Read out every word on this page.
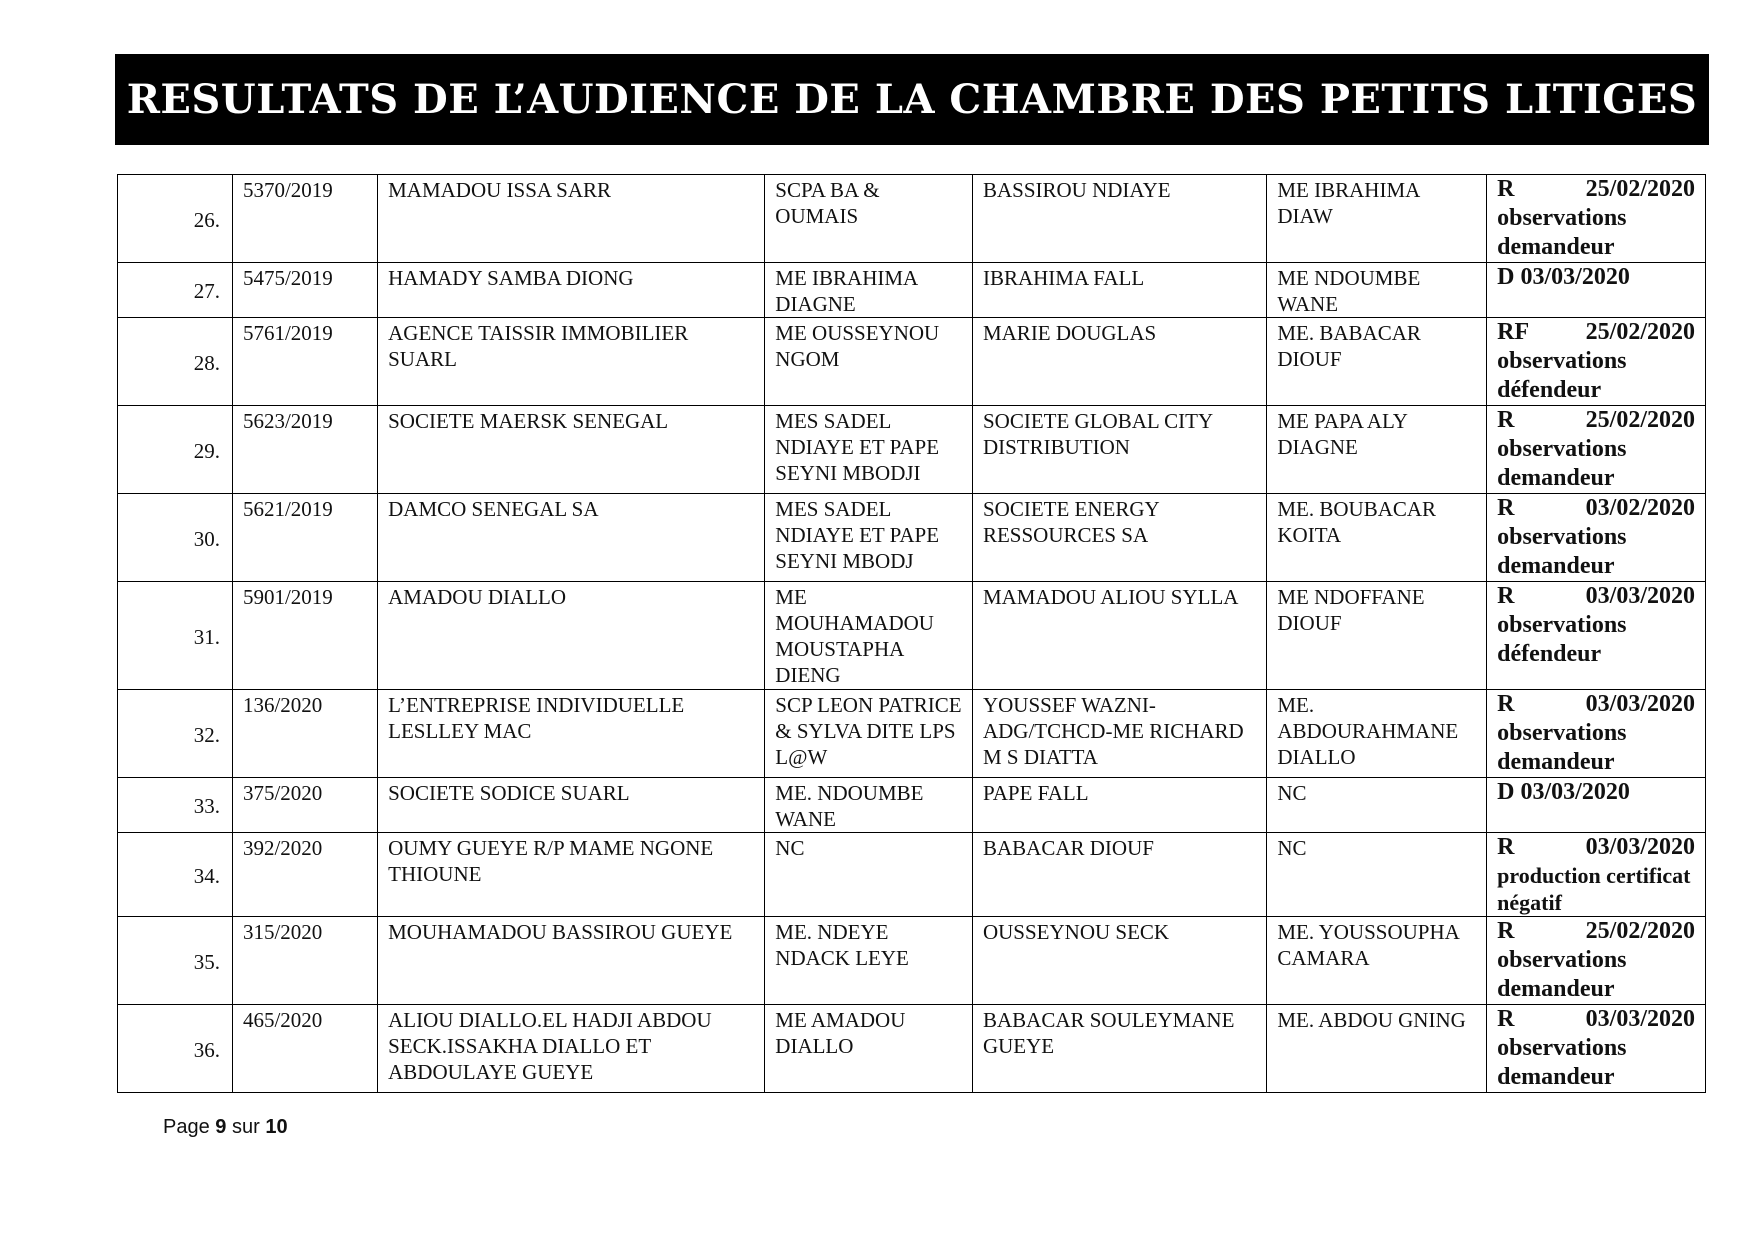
RESULTATS DE L’AUDIENCE DE LA CHAMBRE DES PETITS LITIGES
26.	5370/2019	MAMADOU ISSA SARR	SCPA BA & OUMAIS	BASSIROU NDIAYE	ME IBRAHIMA DIAW	R 25/02/2020
observations demandeur

27.	5475/2019	HAMADY SAMBA DIONG	ME IBRAHIMA DIAGNE	IBRAHIMA FALL	ME NDOUMBE WANE	D 03/03/2020

28.	5761/2019	AGENCE TAISSIR IMMOBILIER SUARL	ME OUSSEYNOU NGOM	MARIE DOUGLAS	ME. BABACAR DIOUF	RF 25/02/2020
observations défendeur

29.	5623/2019	SOCIETE MAERSK SENEGAL	MES SADEL NDIAYE ET PAPE SEYNI MBODJI	SOCIETE GLOBAL CITY DISTRIBUTION	ME PAPA ALY DIAGNE	R 25/02/2020
observations demandeur

30.	5621/2019	DAMCO SENEGAL SA	MES SADEL NDIAYE ET PAPE SEYNI MBODJ	SOCIETE ENERGY RESSOURCES SA	ME. BOUBACAR KOITA	R 03/02/2020
observations demandeur

31.	5901/2019	AMADOU DIALLO	ME MOUHAMADOU MOUSTAPHA DIENG	MAMADOU ALIOU SYLLA	ME NDOFFANE DIOUF	R 03/03/2020
observations défendeur

32.	136/2020	L’ENTREPRISE INDIVIDUELLE LESLLEY MAC	SCP LEON PATRICE & SYLVA DITE LPS L@W	YOUSSEF WAZNI-ADG/TCHCD-ME RICHARD M S DIATTA	ME. ABDOURAHMANE DIALLO	R 03/03/2020
observations demandeur

33.	375/2020	SOCIETE SODICE SUARL	ME. NDOUMBE WANE	PAPE FALL	NC	D 03/03/2020

34.	392/2020	OUMY GUEYE R/P MAME NGONE THIOUNE	NC	BABACAR DIOUF	NC	R 03/03/2020
production certificat négatif

35.	315/2020	MOUHAMADOU BASSIROU GUEYE	ME. NDEYE NDACK LEYE	OUSSEYNOU SECK	ME. YOUSSOUPHA CAMARA	R 25/02/2020
observations demandeur

36.	465/2020	ALIOU DIALLO.EL HADJI ABDOU SECK.ISSAKHA DIALLO ET ABDOULAYE GUEYE	ME AMADOU DIALLO	BABACAR SOULEYMANE GUEYE	ME. ABDOU GNING	R 03/03/2020
observations demandeur
Page 9 sur 10
